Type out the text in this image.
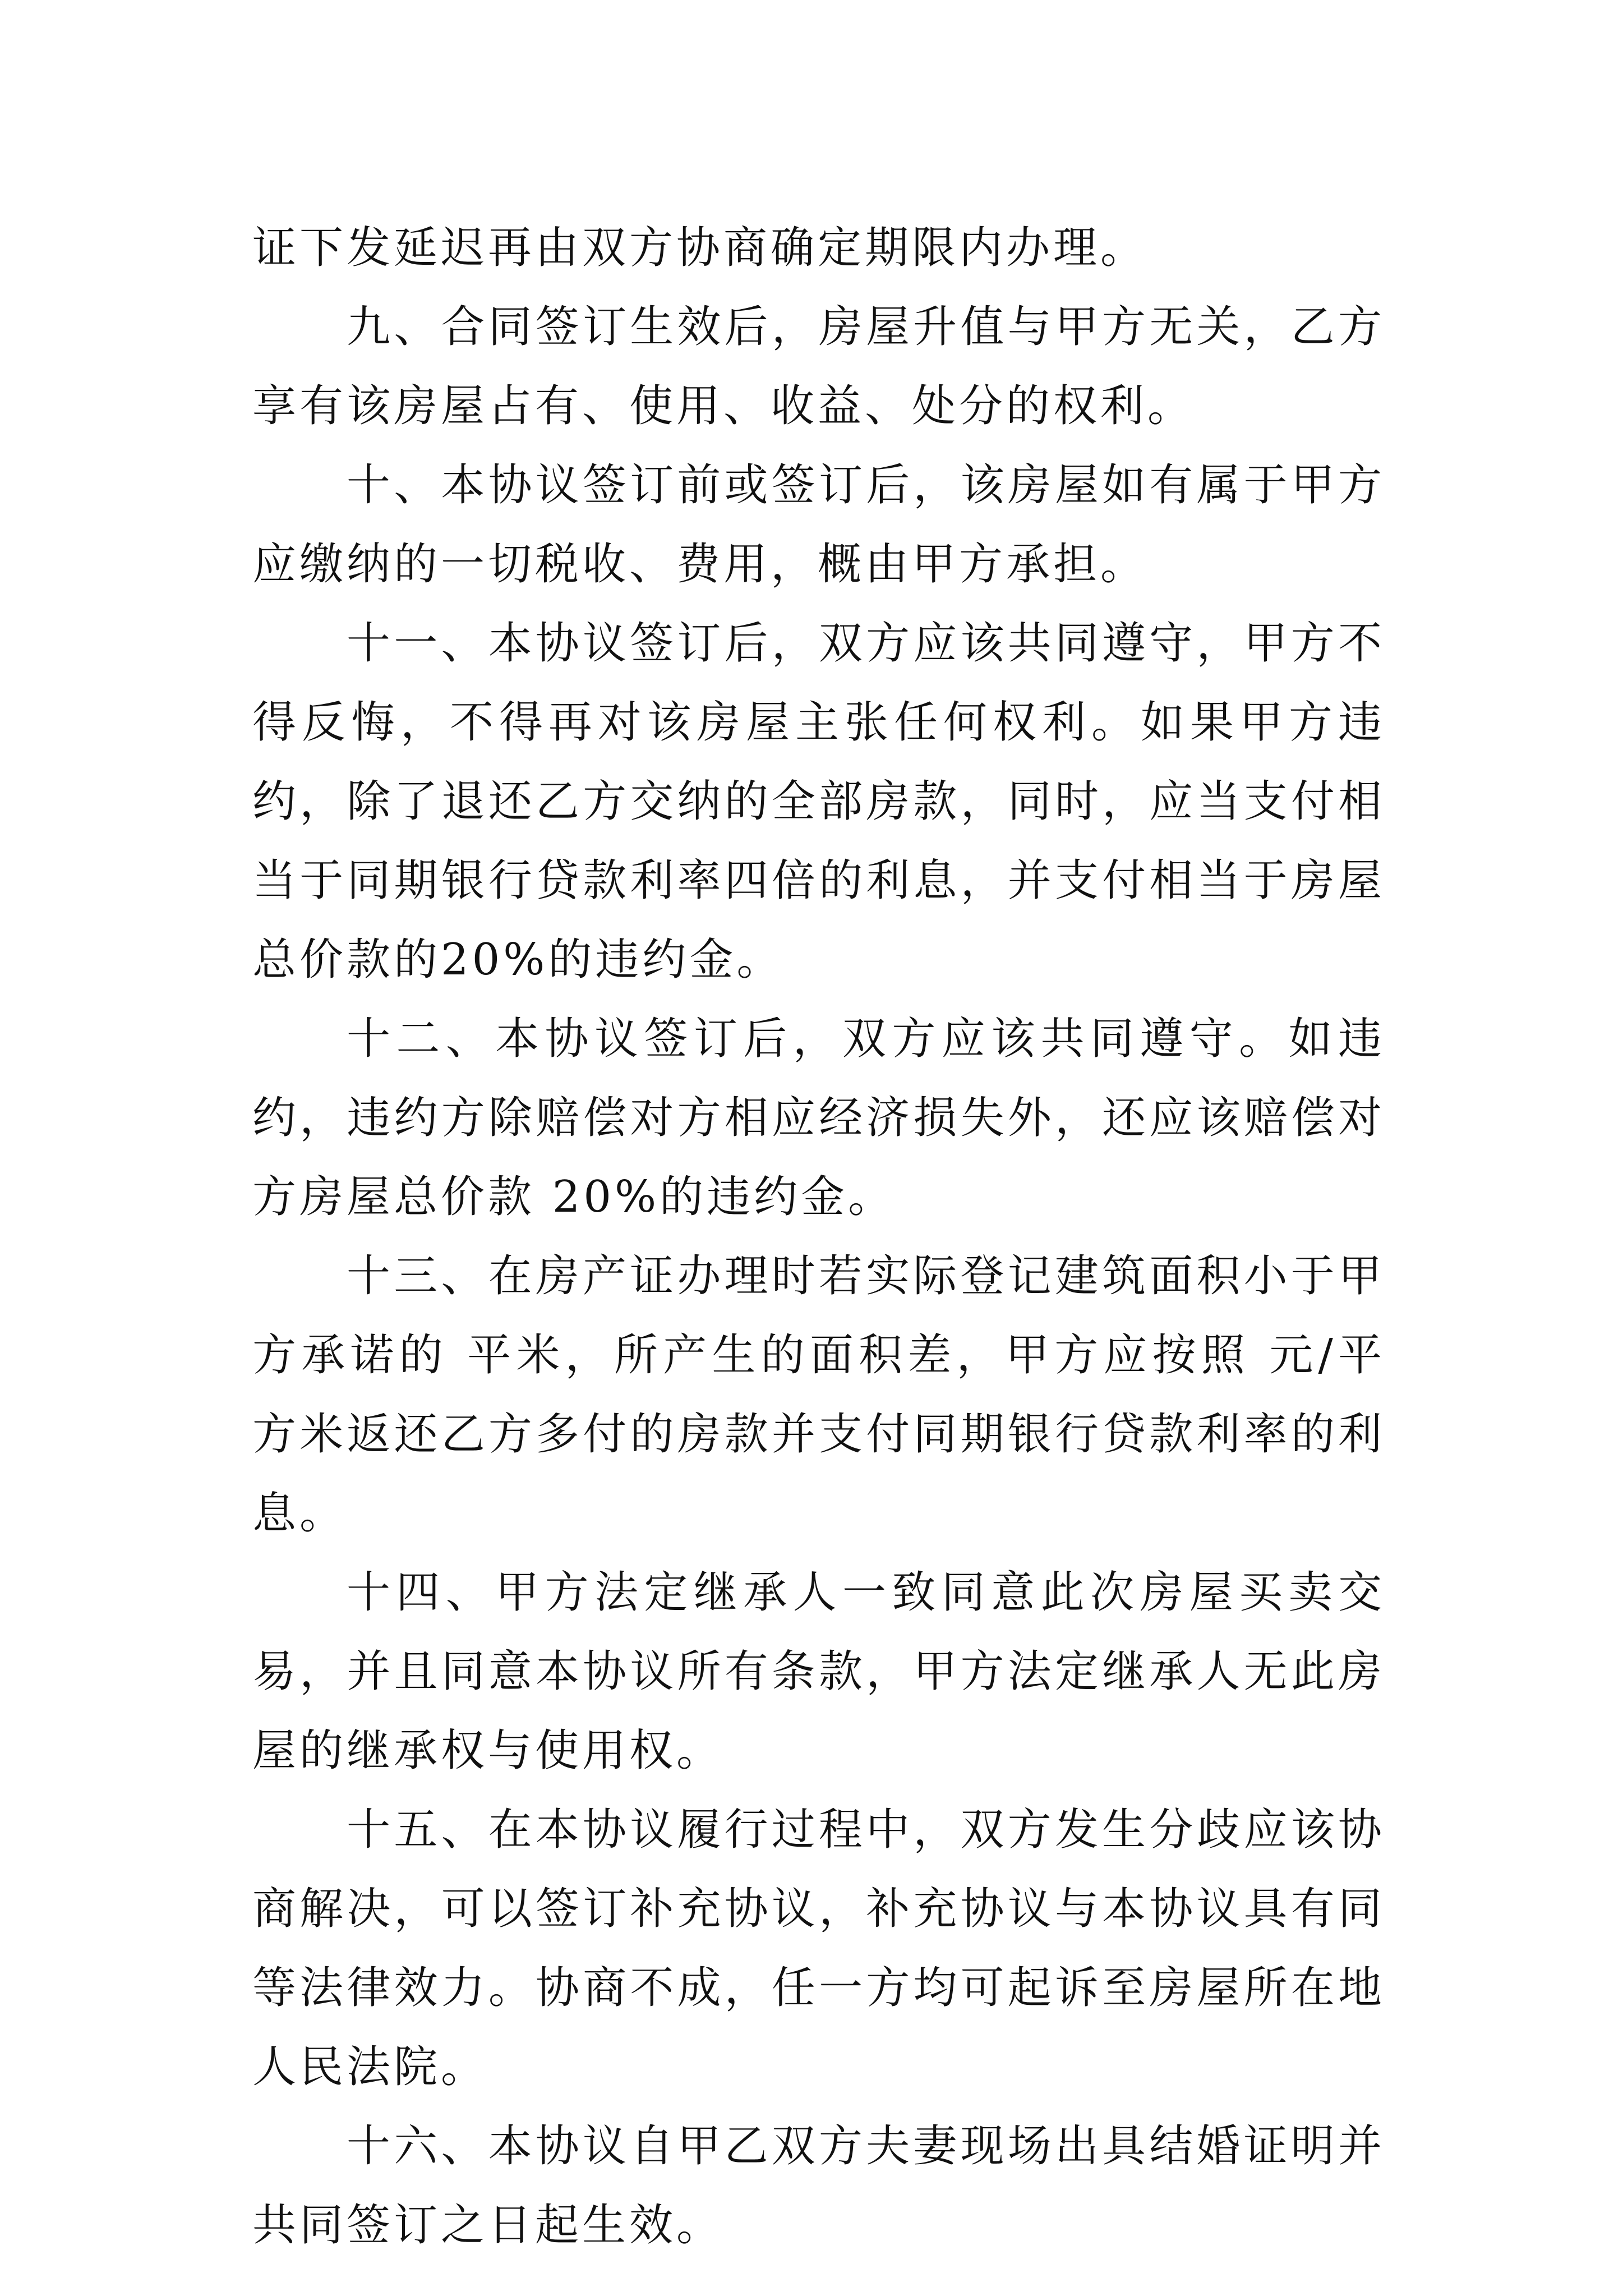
证下发延迟再由双方协商确定期限内办理。

九、合同签订生效后，房屋升值与甲方无关，乙方享有该房屋占有、使用、收益、处分的权利。

十、本协议签订前或签订后，该房屋如有属于甲方应缴纳的一切税收、费用，概由甲方承担。

十一、本协议签订后，双方应该共同遵守，甲方不得反悔，不得再对该房屋主张任何权利。如果甲方违约，除了退还乙方交纳的全部房款，同时，应当支付相当于同期银行贷款利率四倍的利息，并支付相当于房屋总价款的20%的违约金。

十二、本协议签订后，双方应该共同遵守。如违约，违约方除赔偿对方相应经济损失外，还应该赔偿对方房屋总价款 20%的违约金。

十三、在房产证办理时若实际登记建筑面积小于甲方承诺的 平米，所产生的面积差，甲方应按照 元/平方米返还乙方多付的房款并支付同期银行贷款利率的利息。

十四、甲方法定继承人一致同意此次房屋买卖交易，并且同意本协议所有条款，甲方法定继承人无此房屋的继承权与使用权。

十五、在本协议履行过程中，双方发生分歧应该协商解决，可以签订补充协议，补充协议与本协议具有同等法律效力。协商不成，任一方均可起诉至房屋所在地人民法院。

十六、本协议自甲乙双方夫妻现场出具结婚证明并共同签订之日起生效。
